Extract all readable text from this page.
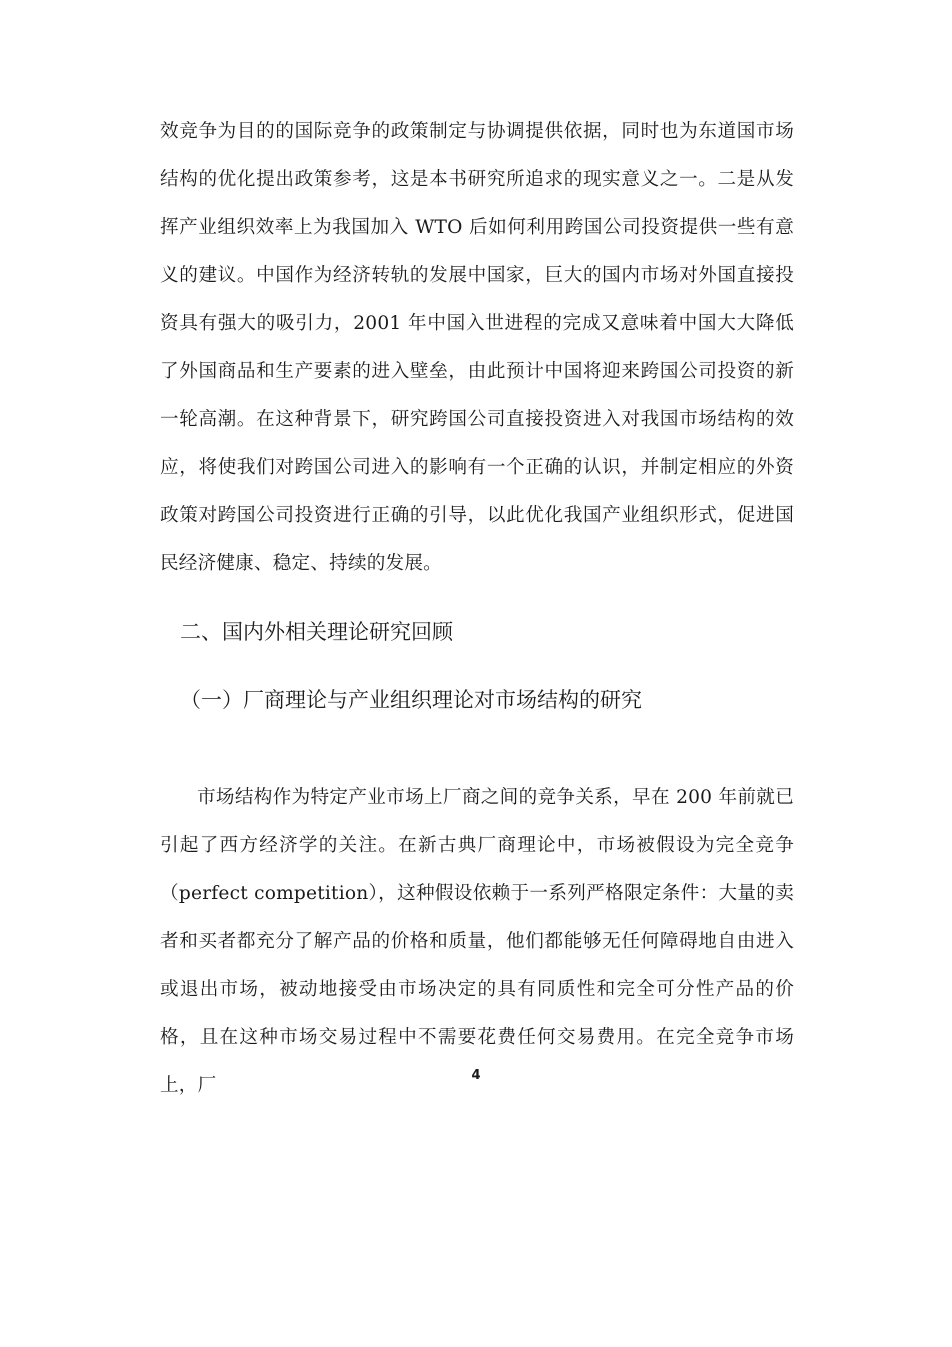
效竞争为目的的国际竞争的政策制定与协调提供依据，同时也为东道国市场结构的优化提出政策参考，这是本书研究所追求的现实意义之一。二是从发挥产业组织效率上为我国加入 WTO 后如何利用跨国公司投资提供一些有意义的建议。中国作为经济转轨的发展中国家，巨大的国内市场对外国直接投资具有强大的吸引力，2001 年中国入世进程的完成又意味着中国大大降低了外国商品和生产要素的进入壁垒，由此预计中国将迎来跨国公司投资的新一轮高潮。在这种背景下，研究跨国公司直接投资进入对我国市场结构的效应，将使我们对跨国公司进入的影响有一个正确的认识，并制定相应的外资政策对跨国公司投资进行正确的引导，以此优化我国产业组织形式，促进国民经济健康、稳定、持续的发展。

二、国内外相关理论研究回顾
（一）厂商理论与产业组织理论对市场结构的研究

市场结构作为特定产业市场上厂商之间的竞争关系，早在 200 年前就已引起了西方经济学的关注。在新古典厂商理论中，市场被假设为完全竞争（perfect competition），这种假设依赖于一系列严格限定条件：大量的卖者和买者都充分了解产品的价格和质量，他们都能够无任何障碍地自由进入或退出市场，被动地接受由市场决定的具有同质性和完全可分性产品的价格，且在这种市场交易过程中不需要花费任何交易费用。在完全竞争市场上，厂	4
